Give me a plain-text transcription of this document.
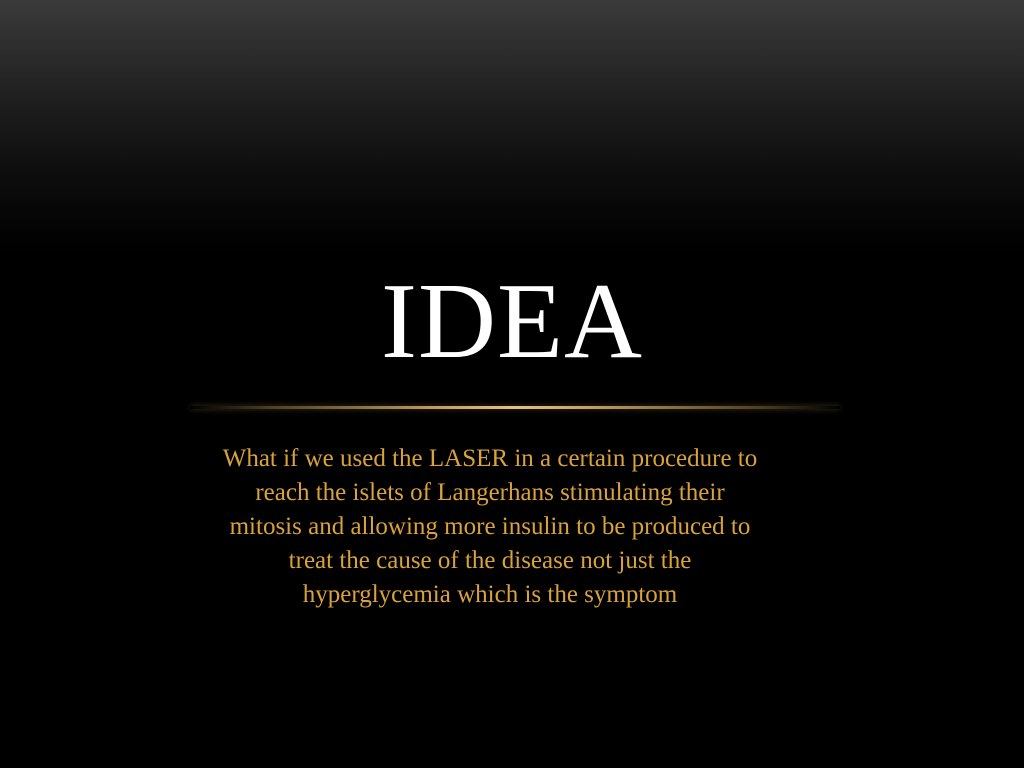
IDEA
What if we used the LASER in a certain procedure to
reach the islets of Langerhans stimulating their
mitosis and allowing more insulin to be produced to
treat the cause of the disease not just the
hyperglycemia which is the symptom
